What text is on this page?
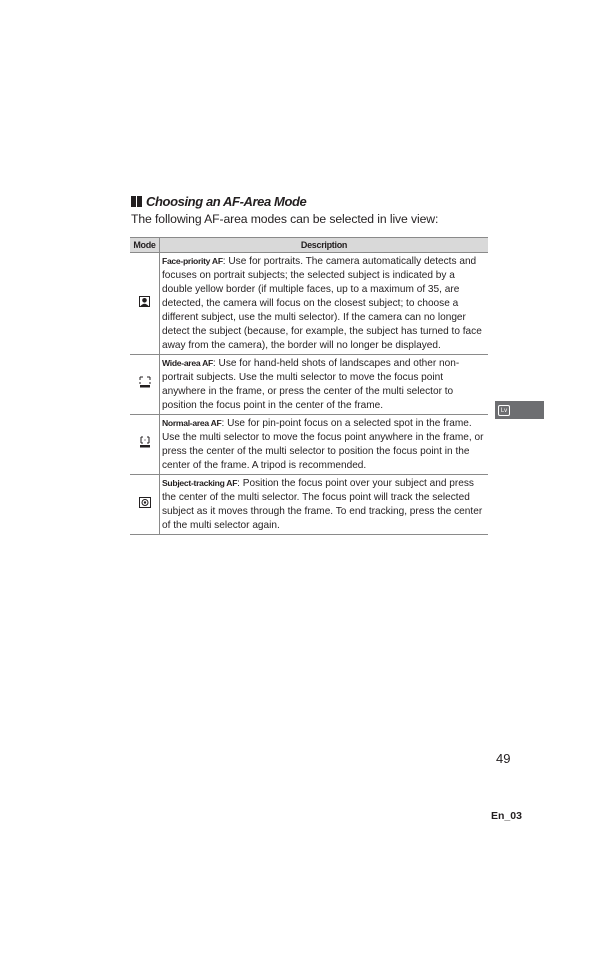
Choosing an AF-Area Mode
The following AF-area modes can be selected in live view:
Mode	Description
	Face-priority AF: Use for portraits. The camera automatically detects and focuses on portrait subjects; the selected subject is indicated by a double yellow border (if multiple faces, up to a maximum of 35, are detected, the camera will focus on the closest subject; to choose a different subject, use the multi selector). If the camera can no longer detect the subject (because, for example, the subject has turned to face away from the camera), the border will no longer be displayed.
	Wide-area AF: Use for hand-held shots of landscapes and other non-portrait subjects. Use the multi selector to move the focus point anywhere in the frame, or press the center of the multi selector to position the focus point in the center of the frame.
	Normal-area AF: Use for pin-point focus on a selected spot in the frame. Use the multi selector to move the focus point anywhere in the frame, or press the center of the multi selector to position the focus point in the center of the frame. A tripod is recommended.
	Subject-tracking AF: Position the focus point over your subject and press the center of the multi selector. The focus point will track the selected subject as it moves through the frame. To end tracking, press the center of the multi selector again.
Lv
49
En_03
